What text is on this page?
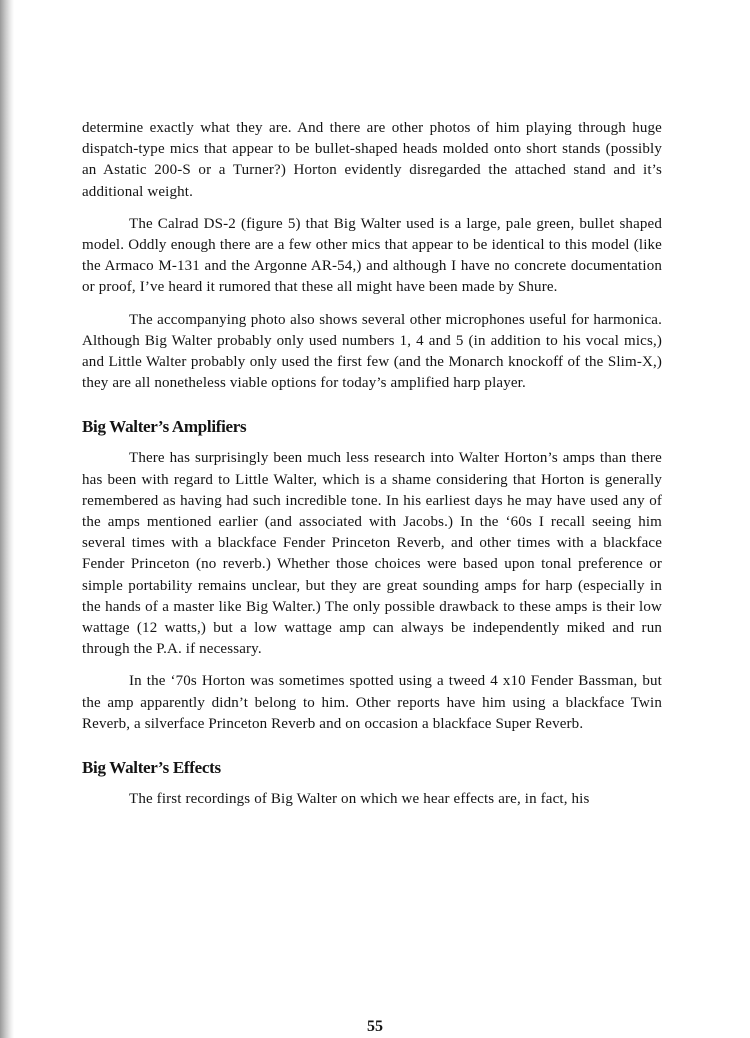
determine exactly what they are. And there are other photos of him playing through huge dispatch-type mics that appear to be bullet-shaped heads molded onto short stands (possibly an Astatic 200-S or a Turner?) Horton evidently disregarded the attached stand and it’s additional weight.

The Calrad DS-2 (figure 5) that Big Walter used is a large, pale green, bullet shaped model. Oddly enough there are a few other mics that appear to be identical to this model (like the Armaco M-131 and the Argonne AR-54,) and although I have no concrete documentation or proof, I’ve heard it rumored that these all might have been made by Shure.

The accompanying photo also shows several other microphones useful for harmonica. Although Big Walter probably only used numbers 1, 4 and 5 (in addition to his vocal mics,) and Little Walter probably only used the first few (and the Monarch knockoff of the Slim-X,) they are all nonetheless viable options for today’s amplified harp player.

Big Walter’s Amplifiers

There has surprisingly been much less research into Walter Horton’s amps than there has been with regard to Little Walter, which is a shame considering that Horton is generally remembered as having had such incredible tone. In his earliest days he may have used any of the amps mentioned earlier (and associated with Jacobs.) In the ‘60s I recall seeing him several times with a blackface Fender Princeton Reverb, and other times with a blackface Fender Princeton (no reverb.) Whether those choices were based upon tonal preference or simple portability remains unclear, but they are great sounding amps for harp (especially in the hands of a master like Big Walter.) The only possible drawback to these amps is their low wattage (12 watts,) but a low wattage amp can always be independently miked and run through the P.A. if necessary.

In the ‘70s Horton was sometimes spotted using a tweed 4 x10 Fender Bassman, but the amp apparently didn’t belong to him. Other reports have him using a blackface Twin Reverb, a silverface Princeton Reverb and on occasion a blackface Super Reverb.

Big Walter’s Effects

The first recordings of Big Walter on which we hear effects are, in fact, his

55
